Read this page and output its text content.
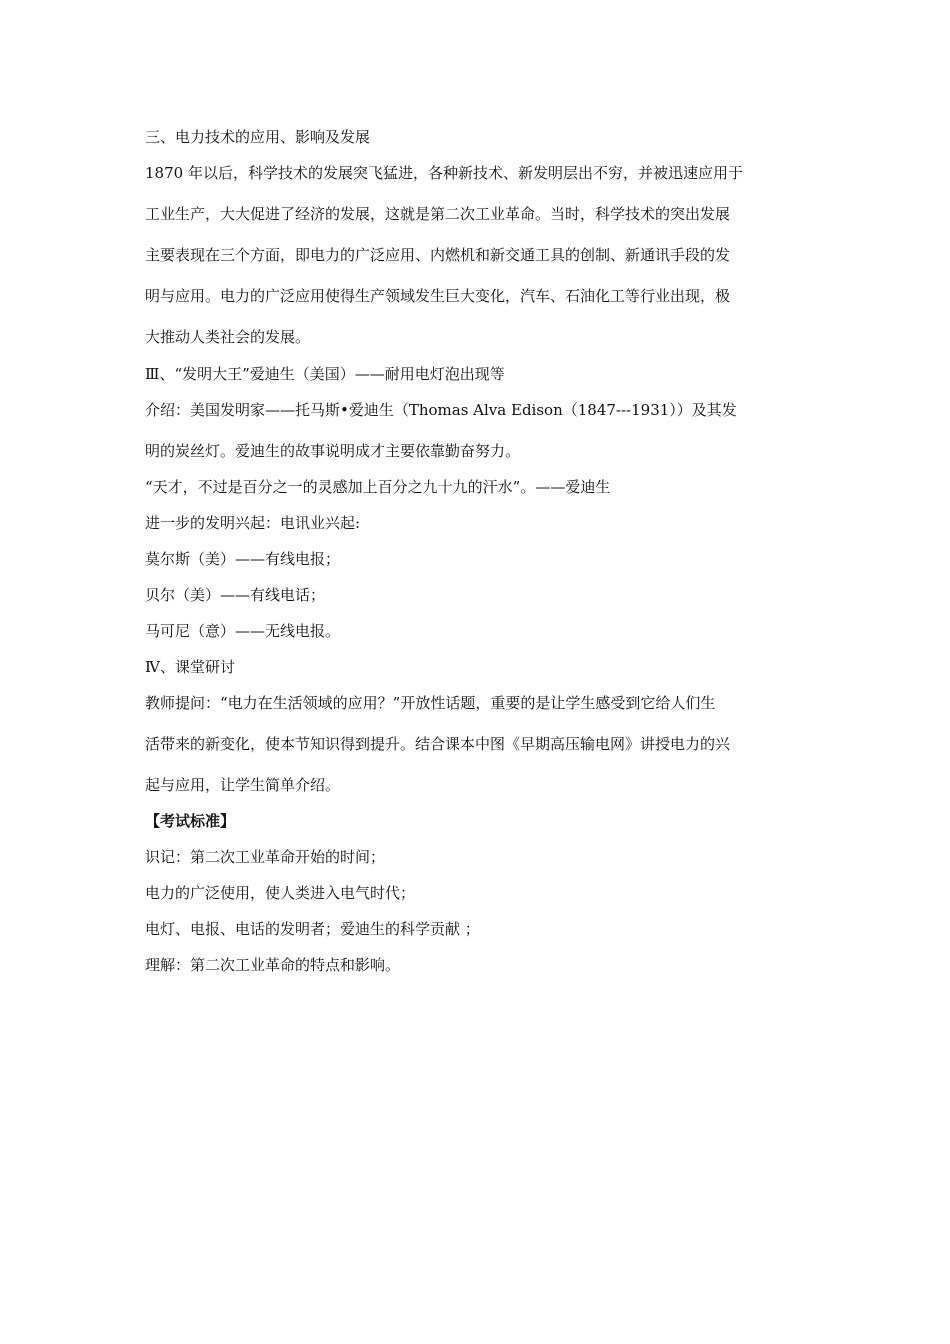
三、电力技术的应用、影响及发展
1870 年以后，科学技术的发展突飞猛进，各种新技术、新发明层出不穷，并被迅速应用于
工业生产，大大促进了经济的发展，这就是第二次工业革命。当时，科学技术的突出发展
主要表现在三个方面，即电力的广泛应用、内燃机和新交通工具的创制、新通讯手段的发
明与应用。电力的广泛应用使得生产领域发生巨大变化，汽车、石油化工等行业出现，极
大推动人类社会的发展。
Ⅲ、“发明大王”爱迪生（美国）——耐用电灯泡出现等
介绍：美国发明家——托马斯•爱迪生（Thomas Alva Edison（1847---1931））及其发
明的炭丝灯。爱迪生的故事说明成才主要依靠勤奋努力。
“天才，不过是百分之一的灵感加上百分之九十九的汗水”。——爱迪生
进一步的发明兴起：电讯业兴起:
莫尔斯（美）——有线电报；
贝尔（美）——有线电话；
马可尼（意）——无线电报。
Ⅳ、课堂研讨
教师提问：“电力在生活领域的应用？”开放性话题，重要的是让学生感受到它给人们生
活带来的新变化，使本节知识得到提升。结合课本中图《早期高压输电网》讲授电力的兴
起与应用，让学生简单介绍。
【考试标准】
识记：第二次工业革命开始的时间；
电力的广泛使用，使人类进入电气时代；
电灯、电报、电话的发明者；爱迪生的科学贡献 ；
理解：第二次工业革命的特点和影响。
